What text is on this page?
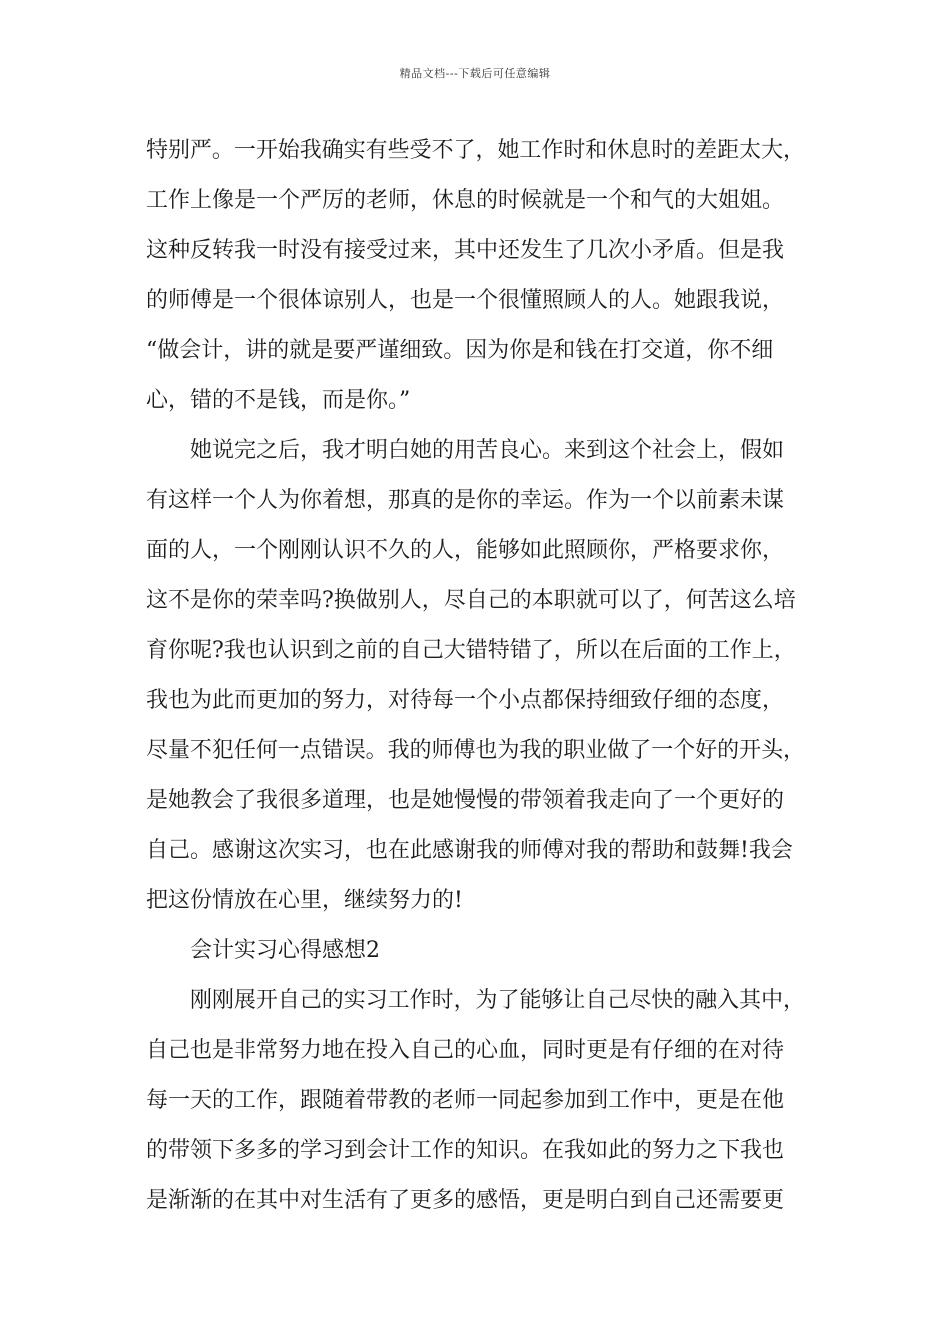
精品文档---下载后可任意编辑
特别严。一开始我确实有些受不了，她工作时和休息时的差距太大，
工作上像是一个严厉的老师，休息的时候就是一个和气的大姐姐。
这种反转我一时没有接受过来，其中还发生了几次小矛盾。但是我
的师傅是一个很体谅别人，也是一个很懂照顾人的人。她跟我说，
“做会计，讲的就是要严谨细致。因为你是和钱在打交道，你不细
心，错的不是钱，而是你。”
她说完之后，我才明白她的用苦良心。来到这个社会上，假如
有这样一个人为你着想，那真的是你的幸运。作为一个以前素未谋
面的人，一个刚刚认识不久的人，能够如此照顾你，严格要求你，
这不是你的荣幸吗?换做别人，尽自己的本职就可以了，何苦这么培
育你呢?我也认识到之前的自己大错特错了，所以在后面的工作上，
我也为此而更加的努力，对待每一个小点都保持细致仔细的态度，
尽量不犯任何一点错误。我的师傅也为我的职业做了一个好的开头，
是她教会了我很多道理，也是她慢慢的带领着我走向了一个更好的
自己。感谢这次实习，也在此感谢我的师傅对我的帮助和鼓舞!我会
把这份情放在心里，继续努力的!
会计实习心得感想2
刚刚展开自己的实习工作时，为了能够让自己尽快的融入其中，
自己也是非常努力地在投入自己的心血，同时更是有仔细的在对待
每一天的工作，跟随着带教的老师一同起参加到工作中，更是在他
的带领下多多的学习到会计工作的知识。在我如此的努力之下我也
是渐渐的在其中对生活有了更多的感悟，更是明白到自己还需要更
